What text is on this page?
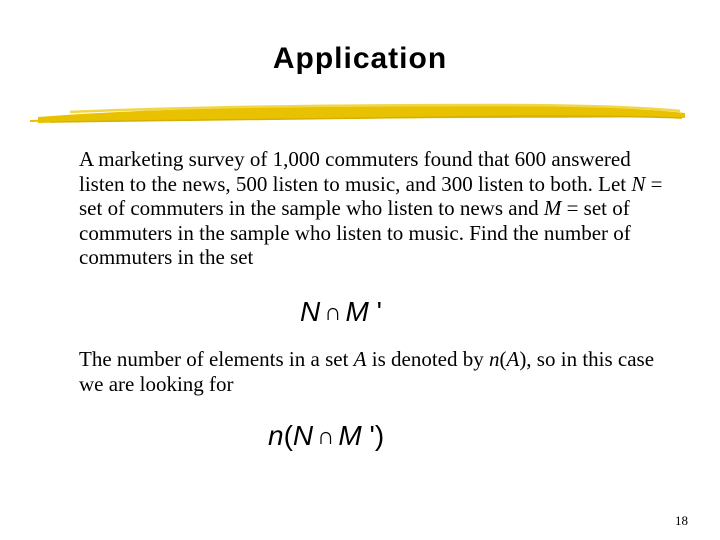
Application
A marketing survey of 1,000 commuters found that 600 answered listen to the news, 500 listen to music, and 300 listen to both. Let N = set of commuters in the sample who listen to news and M = set of commuters in the sample who listen to music. Find the number of commuters in the set
N ∩ M '
The number of elements in a set A is denoted by n(A), so in this case we are looking for
n(N ∩ M ')
18
